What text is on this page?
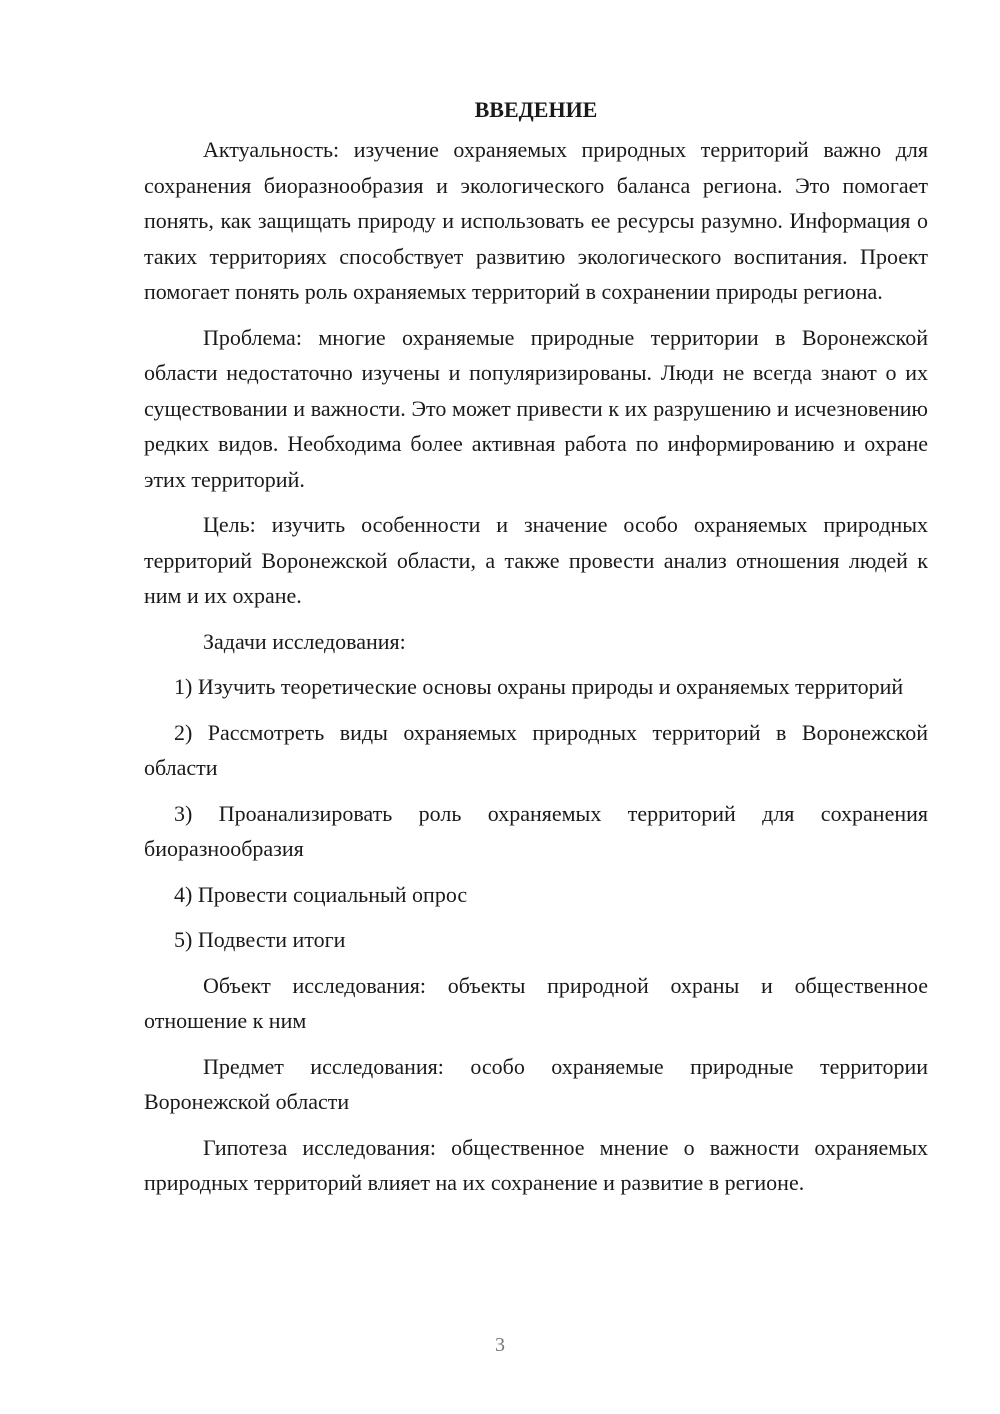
ВВЕДЕНИЕ

Актуальность: изучение охраняемых природных территорий важно для сохранения биоразнообразия и экологического баланса региона. Это помогает понять, как защищать природу и использовать ее ресурсы разумно. Информация о таких территориях способствует развитию экологического воспитания. Проект помогает понять роль охраняемых территорий в сохранении природы региона.

Проблема: многие охраняемые природные территории в Воронежской области недостаточно изучены и популяризированы. Люди не всегда знают о их существовании и важности. Это может привести к их разрушению и исчезновению редких видов. Необходима более активная работа по информированию и охране этих территорий.

Цель: изучить особенности и значение особо охраняемых природных территорий Воронежской области, а также провести анализ отношения людей к ним и их охране.

Задачи исследования:

1) Изучить теоретические основы охраны природы и охраняемых территорий

2) Рассмотреть виды охраняемых природных территорий в Воронежской области

3) Проанализировать роль охраняемых территорий для сохранения биоразнообразия

4) Провести социальный опрос

5) Подвести итоги

Объект исследования: объекты природной охраны и общественное отношение к ним

Предмет исследования: особо охраняемые природные территории Воронежской области

Гипотеза исследования: общественное мнение о важности охраняемых природных территорий влияет на их сохранение и развитие в регионе.

3
